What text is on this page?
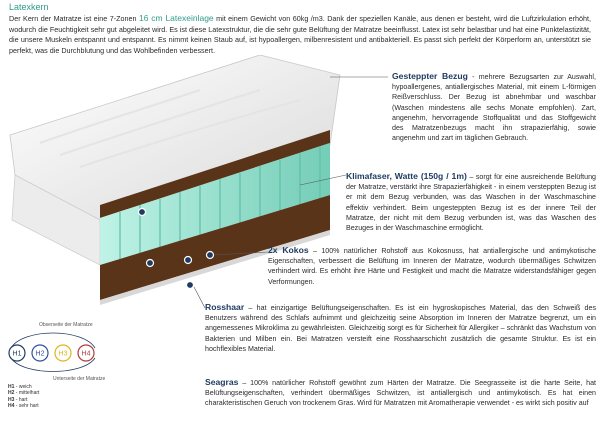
Latexkern
Der Kern der Matratze ist eine 7-Zonen 16 cm Latexeinlage mit einem Gewicht von 60kg /m3. Dank der speziellen Kanäle, aus denen er besteht, wird die Luftzirkulation erhöht, wodurch die Feuchtigkeit sehr gut abgeleitet wird. Es ist diese Latexstruktur, die die sehr gute Belüftung der Matratze beeinflusst. Latex ist sehr belastbar und hat eine Punktelastizität, die unsere Muskeln entspannt und entspannt. Es nimmt keinen Staub auf, ist hypoallergen, milbenresistent und antibakteriell. Es passt sich perfekt der Körperform an, unterstützt sie perfekt, was die Durchblutung und das Wohlbefinden verbessert.
Gesteppter Bezug - mehrere Bezugsarten zur Auswahl, hypoallergenes, antiallergisches Material, mit einem L-förmigen Reißverschluss. Der Bezug ist abnehmbar und waschbar (Waschen mindestens alle sechs Monate empfohlen). Zart, angenehm, hervorragende Stoffqualität und das Stoffgewicht des Matratzenbezugs macht ihn strapazierfähig, sowie angenehm und zart im täglichen Gebrauch.
Klimafaser, Watte (150g / 1m) – sorgt für eine ausreichende Belüftung der Matratze, verstärkt ihre Strapazierfähigkeit - in einem versteppten Bezug ist er mit dem Bezug verbunden, was das Waschen in der Waschmaschine effektiv verhindert. Beim ungesteppten Bezug ist es der innere Teil der Matratze, der nicht mit dem Bezug verbunden ist, was das Waschen des Bezuges in der Waschmaschine ermöglicht.
2x Kokos – 100% natürlicher Rohstoff aus Kokosnuss, hat antiallergische und antimykotische Eigenschaften, verbessert die Belüftung im Inneren der Matratze, wodurch übermäßiges Schwitzen verhindert wird. Es erhöht ihre Härte und Festigkeit und macht die Matratze widerstandsfähiger gegen Verformungen.
Rosshaar – hat einzigartige Belüftungseigenschaften. Es ist ein hygroskopisches Material, das den Schweiß des Benutzers während des Schlafs aufnimmt und gleichzeitig seine Absorption im Inneren der Matratze begrenzt, um ein angemessenes Mikroklima zu gewährleisten. Gleichzeitig sorgt es für Sicherheit für Allergiker – schränkt das Wachstum von Bakterien und Milben ein. Bei Matratzen versteift eine Rosshaarschicht zusätzlich die gesamte Struktur. Es ist ein hochflexibles Material.
Seagras – 100% natürlicher Rohstoff gewöhnt zum Härten der Matratze. Die Seegrasseite ist die harte Seite, hat Belüftungseigenschaften, verhindert übermäßiges Schwitzen, ist antiallergisch und antimykotisch. Es hat einen charakteristischen Geruch von trockenem Gras. Wird für Matratzen mit Aromatherapie verwendet - es wirkt sich positiv auf
Obserseite der Matratze
H1 H2 H3 H4
Unterseite der Matratze
H1 - weich
H2 - mittelhart
H3 - hart
H4 - sehr hart
